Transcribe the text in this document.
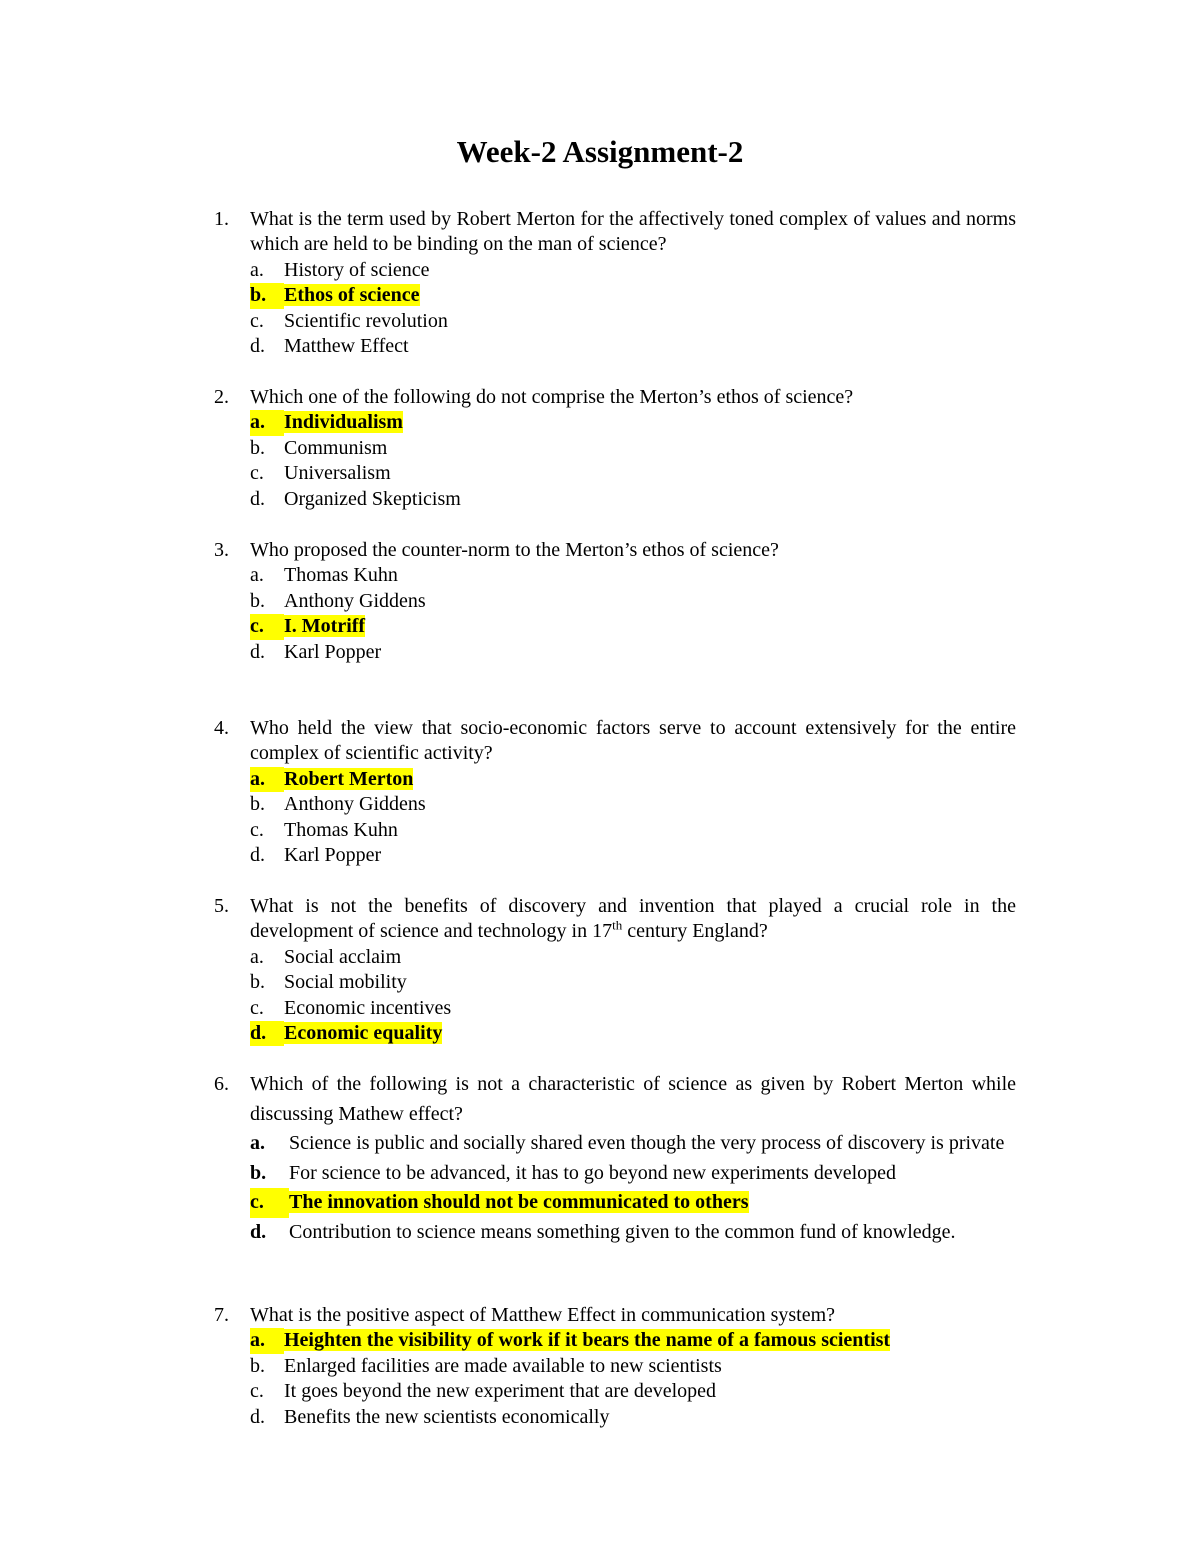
Week-2 Assignment-2
1. What is the term used by Robert Merton for the affectively toned complex of values and norms which are held to be binding on the man of science?
a. History of science
b. Ethos of science
c. Scientific revolution
d. Matthew Effect
2. Which one of the following do not comprise the Merton’s ethos of science?
a. Individualism
b. Communism
c. Universalism
d. Organized Skepticism
3. Who proposed the counter-norm to the Merton’s ethos of science?
a. Thomas Kuhn
b. Anthony Giddens
c.	I. Motriff
d. Karl Popper
4. Who held the view that socio-economic factors serve to account extensively for the entire complex of scientific activity?
a. Robert Merton
b. Anthony Giddens
c. Thomas Kuhn
d. Karl Popper
5. What is not the benefits of discovery and invention that played a crucial role in the development of science and technology in 17th century England?
a. Social acclaim
b. Social mobility
c. Economic incentives
d. Economic equality
6. Which of the following is not a characteristic of science as given by Robert Merton while discussing Mathew effect?
a. Science is public and socially shared even though the very process of discovery is private
b. For science to be advanced, it has to go beyond new experiments developed
c.	The innovation should not be communicated to others
d. Contribution to science means something given to the common fund of knowledge.
7. What is the positive aspect of Matthew Effect in communication system?
a. Heighten the visibility of work if it bears the name of a famous scientist
b. Enlarged facilities are made available to new scientists
c. It goes beyond the new experiment that are developed
d. Benefits the new scientists economically
